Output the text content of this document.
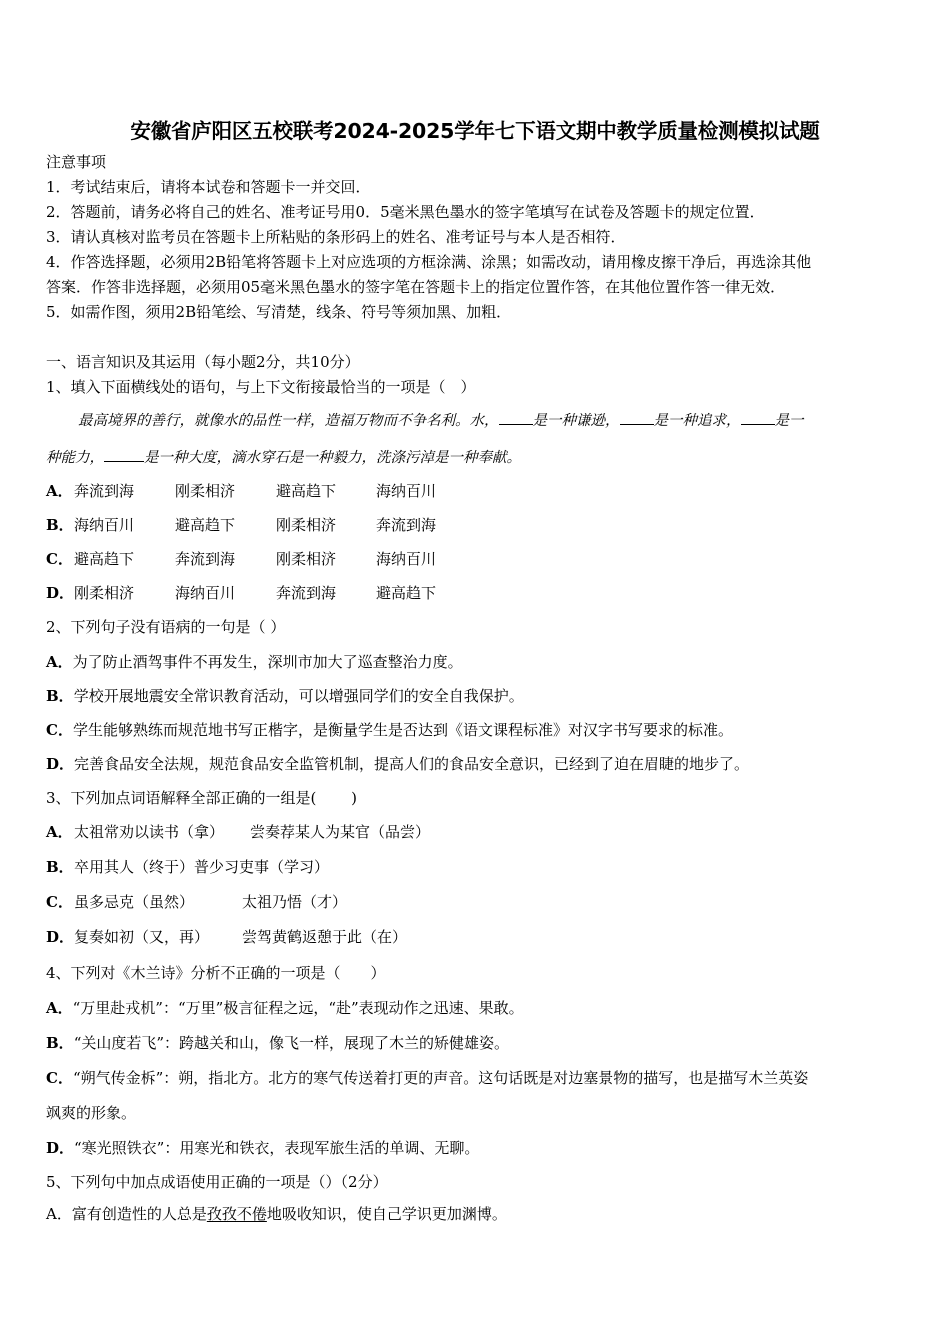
安徽省庐阳区五校联考2024-2025学年七下语文期中教学质量检测模拟试题
注意事项
1．考试结束后，请将本试卷和答题卡一并交回．
2．答题前，请务必将自己的姓名、准考证号用0．5毫米黑色墨水的签字笔填写在试卷及答题卡的规定位置．
3．请认真核对监考员在答题卡上所粘贴的条形码上的姓名、准考证号与本人是否相符．
4．作答选择题，必须用2B铅笔将答题卡上对应选项的方框涂满、涂黑；如需改动，请用橡皮擦干净后，再选涂其他
答案．作答非选择题，必须用05毫米黑色墨水的签字笔在答题卡上的指定位置作答，在其他位置作答一律无效．
5．如需作图，须用2B铅笔绘、写清楚，线条、符号等须加黑、加粗．
一、语言知识及其运用（每小题2分，共10分）
1、填入下面横线处的语句，与上下文衔接最恰当的一项是（　）
最高境界的善行，就像水的品性一样，造福万物而不争名利。水， 是一种谦逊， 是一种追求， 是一
种能力，	是一种大度，滴水穿石是一种毅力，洗涤污淖是一种奉献。
A． 奔流到海	刚柔相济	避高趋下	海纳百川
B． 海纳百川	避高趋下	刚柔相济	奔流到海
C． 避高趋下	奔流到海	刚柔相济	海纳百川
D． 刚柔相济	海纳百川	奔流到海	避高趋下
2、下列句子没有语病的一句是（ ）
A．为了防止酒驾事件不再发生，深圳市加大了巡查整治力度。
B．学校开展地震安全常识教育活动，可以增强同学们的安全自我保护。
C．学生能够熟练而规范地书写正楷字，是衡量学生是否达到《语文课程标准》对汉字书写要求的标准。
D．完善食品安全法规，规范食品安全监管机制，提高人们的食品安全意识，已经到了迫在眉睫的地步了。
3、下列加点词语解释全部正确的一组是(　　 )
A． 太祖常劝以读书（拿） 尝奏荐某人为某官（品尝）
B． 卒用其人（终于）普少习吏事（学习）
C． 虽多忌克（虽然）	太祖乃悟（才）
D． 复奏如初（又，再） 尝驾黄鹤返憩于此（在）
4、下列对《木兰诗》分析不正确的一项是（　　）
A．“万里赴戎机”：“万里”极言征程之远，“赴”表现动作之迅速、果敢。
B．“关山度若飞”：跨越关和山，像飞一样，展现了木兰的矫健雄姿。
C．“朔气传金柝”：朔，指北方。北方的寒气传送着打更的声音。这句话既是对边塞景物的描写，也是描写木兰英姿
飒爽的形象。
D．“寒光照铁衣”：用寒光和铁衣，表现军旅生活的单调、无聊。
5、下列句中加点成语使用正确的一项是（）（2分）
A．富有创造性的人总是孜孜不倦地吸收知识，使自己学识更加渊博。
